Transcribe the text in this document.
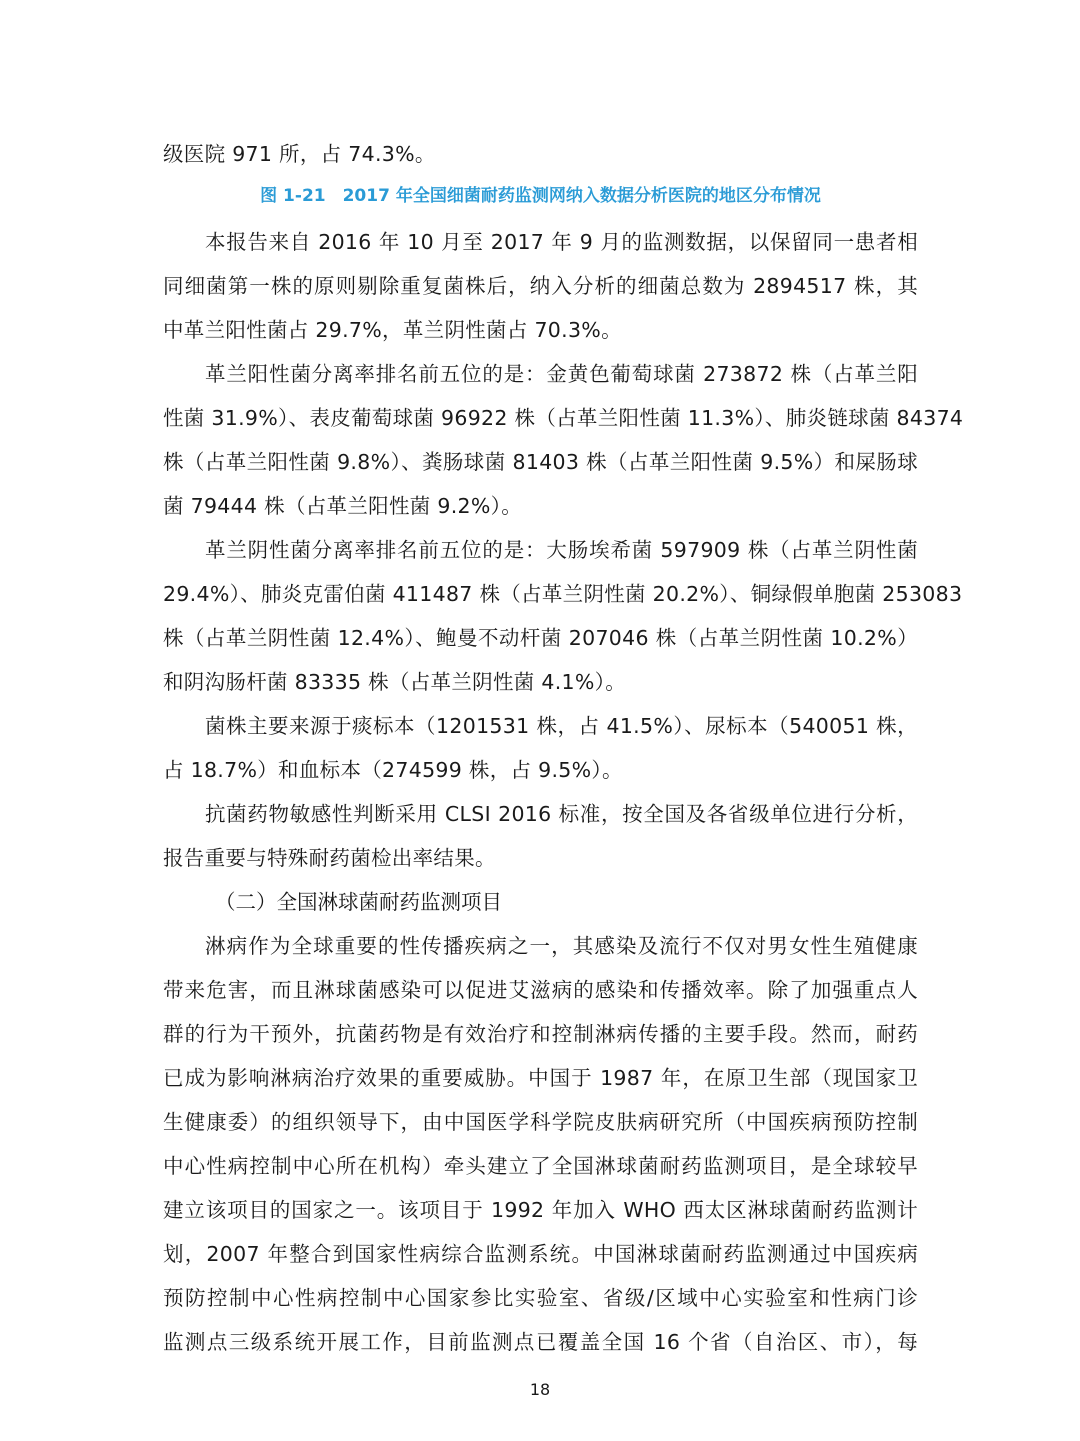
级医院 971 所，占 74.3%。
图 1-21　2017 年全国细菌耐药监测网纳入数据分析医院的地区分布情况
本报告来自 2016 年 10 月至 2017 年 9 月的监测数据，以保留同一患者相
同细菌第一株的原则剔除重复菌株后，纳入分析的细菌总数为 2894517 株，其
中革兰阳性菌占 29.7%，革兰阴性菌占 70.3%。
革兰阳性菌分离率排名前五位的是：金黄色葡萄球菌 273872 株（占革兰阳
性菌 31.9%）、表皮葡萄球菌 96922 株（占革兰阳性菌 11.3%）、肺炎链球菌 84374
株（占革兰阳性菌 9.8%）、粪肠球菌 81403 株（占革兰阳性菌 9.5%）和屎肠球
菌 79444 株（占革兰阳性菌 9.2%）。
革兰阴性菌分离率排名前五位的是：大肠埃希菌 597909 株（占革兰阴性菌
29.4%）、肺炎克雷伯菌 411487 株（占革兰阴性菌 20.2%）、铜绿假单胞菌 253083
株（占革兰阴性菌 12.4%）、鲍曼不动杆菌 207046 株（占革兰阴性菌 10.2%）
和阴沟肠杆菌 83335 株（占革兰阴性菌 4.1%）。
菌株主要来源于痰标本（1201531 株，占 41.5%）、尿标本（540051 株，
占 18.7%）和血标本（274599 株，占 9.5%）。
抗菌药物敏感性判断采用 CLSI 2016 标准，按全国及各省级单位进行分析，
报告重要与特殊耐药菌检出率结果。
（二）全国淋球菌耐药监测项目
淋病作为全球重要的性传播疾病之一，其感染及流行不仅对男女性生殖健康
带来危害，而且淋球菌感染可以促进艾滋病的感染和传播效率。除了加强重点人
群的行为干预外，抗菌药物是有效治疗和控制淋病传播的主要手段。然而，耐药
已成为影响淋病治疗效果的重要威胁。中国于 1987 年，在原卫生部（现国家卫
生健康委）的组织领导下，由中国医学科学院皮肤病研究所（中国疾病预防控制
中心性病控制中心所在机构）牵头建立了全国淋球菌耐药监测项目，是全球较早
建立该项目的国家之一。该项目于 1992 年加入 WHO 西太区淋球菌耐药监测计
划，2007 年整合到国家性病综合监测系统。中国淋球菌耐药监测通过中国疾病
预防控制中心性病控制中心国家参比实验室、省级/区域中心实验室和性病门诊
监测点三级系统开展工作，目前监测点已覆盖全国 16 个省（自治区、市），每
18
